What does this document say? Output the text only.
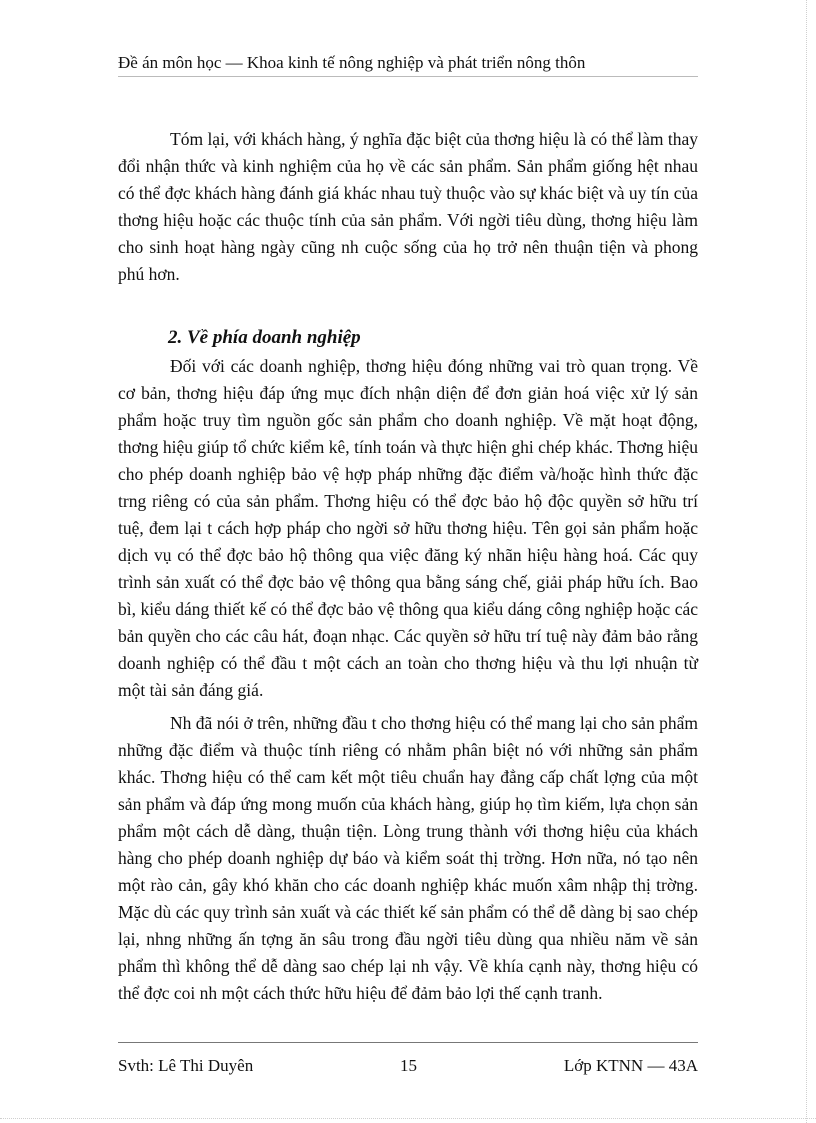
Đề án môn học — Khoa kinh tế nông nghiệp và phát triển nông thôn

Tóm lại, với khách hàng, ý nghĩa đặc biệt của thơng hiệu là có thể làm thay đổi nhận thức và kinh nghiệm của họ về các sản phẩm. Sản phẩm giống hệt nhau có thể đợc khách hàng đánh giá khác nhau tuỳ thuộc vào sự khác biệt và uy tín của thơng hiệu hoặc các thuộc tính của sản phẩm. Với ngời tiêu dùng, thơng hiệu làm cho sinh hoạt hàng ngày cũng nh cuộc sống của họ trở nên thuận tiện và phong phú hơn.

2. Về phía doanh nghiệp

Đối với các doanh nghiệp, thơng hiệu đóng những vai trò quan trọng. Về cơ bản, thơng hiệu đáp ứng mục đích nhận diện để đơn giản hoá việc xử lý sản phẩm hoặc truy tìm nguồn gốc sản phẩm cho doanh nghiệp. Về mặt hoạt động, thơng hiệu giúp tổ chức kiểm kê, tính toán và thực hiện ghi chép khác. Thơng hiệu cho phép doanh nghiệp bảo vệ hợp pháp những đặc điểm và/hoặc hình thức đặc trng riêng có của sản phẩm. Thơng hiệu có thể đợc bảo hộ độc quyền sở hữu trí tuệ, đem lại t cách hợp pháp cho ngời sở hữu thơng hiệu. Tên gọi sản phẩm hoặc dịch vụ có thể đợc bảo hộ thông qua việc đăng ký nhãn hiệu hàng hoá. Các quy trình sản xuất có thể đợc bảo vệ thông qua bằng sáng chế, giải pháp hữu ích. Bao bì, kiểu dáng thiết kế có thể đợc bảo vệ thông qua kiểu dáng công nghiệp hoặc các bản quyền cho các câu hát, đoạn nhạc. Các quyền sở hữu trí tuệ này đảm bảo rằng doanh nghiệp có thể đầu t một cách an toàn cho thơng hiệu và thu lợi nhuận từ một tài sản đáng giá.

Nh đã nói ở trên, những đầu t cho thơng hiệu có thể mang lại cho sản phẩm những đặc điểm và thuộc tính riêng có nhằm phân biệt nó với những sản phẩm khác. Thơng hiệu có thể cam kết một tiêu chuẩn hay đẳng cấp chất lợng của một sản phẩm và đáp ứng mong muốn của khách hàng, giúp họ tìm kiếm, lựa chọn sản phẩm một cách dễ dàng, thuận tiện. Lòng trung thành với thơng hiệu của khách hàng cho phép doanh nghiệp dự báo và kiểm soát thị trờng. Hơn nữa, nó tạo nên một rào cản, gây khó khăn cho các doanh nghiệp khác muốn xâm nhập thị trờng. Mặc dù các quy trình sản xuất và các thiết kế sản phẩm có thể dễ dàng bị sao chép lại, nhng những ấn tợng ăn sâu trong đầu ngời tiêu dùng qua nhiều năm về sản phẩm thì không thể dễ dàng sao chép lại nh vậy. Về khía cạnh này, thơng hiệu có thể đợc coi nh một cách thức hữu hiệu để đảm bảo lợi thế cạnh tranh.

Svth: Lê Thi Duyên	15	Lớp KTNN — 43A
